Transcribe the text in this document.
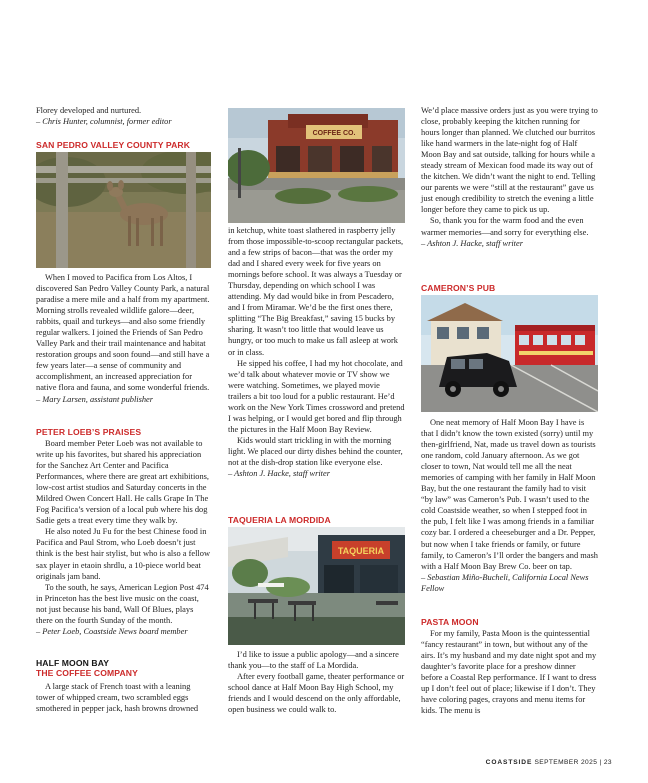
Florey developed and nurtured.

– Chris Hunter, columnist, former editor

SAN PEDRO VALLEY COUNTY PARK

When I moved to Pacifica from Los Altos, I discovered San Pedro Valley County Park, a natural paradise a mere mile and a half from my apartment. Morning strolls revealed wildlife galore—deer, rabbits, quail and turkeys—and also some friendly regular walkers. I joined the Friends of San Pedro Valley Park and their trail maintenance and habitat restoration groups and soon found—and still have a few years later—a sense of community and accomplishment, an increased appreciation for native flora and fauna, and some wonderful friends.

– Mary Larsen, assistant publisher

PETER LOEB’S PRAISES

Board member Peter Loeb was not available to write up his favorites, but shared his appreciation for the Sanchez Art Center and Pacifica Performances, where there are great art exhibitions, low-cost artist studios and Saturday concerts in the Mildred Owen Concert Hall. He calls Grape In The Fog Pacifica’s version of a local pub where his dog Sadie gets a treat every time they walk by.

He also noted Ju Fu for the best Chinese food in Pacifica and Paul Strom, who Loeb doesn’t just think is the best hair stylist, but who is also a fellow sax player in etaoin shrdlu, a 10-piece world beat originals jam band.

To the south, he says, American Legion Post 474 in Princeton has the best live music on the coast, not just because his band, Wall Of Blues, plays there on the fourth Sunday of the month.

– Peter Loeb, Coastside News board member

HALF MOON BAY
THE COFFEE COMPANY

A large stack of French toast with a leaning tower of whipped cream, two scrambled eggs smothered in pepper jack, hash browns drowned

COFFEE CO.

in ketchup, white toast slathered in raspberry jelly from those impossible-to-scoop rectangular packets, and a few strips of bacon—that was the order my dad and I shared every week for five years on mornings before school. It was always a Tuesday or Thursday, depending on which school I was attending. My dad would bike in from Pescadero, and I from Miramar. We’d be the first ones there, splitting “The Big Breakfast,” saving 15 bucks by sharing. It wasn’t too little that would leave us hungry, or too much to make us fall asleep at work or in class.

He sipped his coffee, I had my hot chocolate, and we’d talk about whatever movie or TV show we were watching. Sometimes, we played movie trailers a bit too loud for a public restaurant. He’d work on the New York Times crossword and pretend I was helping, or I would get bored and flip through the pictures in the Half Moon Bay Review.

Kids would start trickling in with the morning light. We placed our dirty dishes behind the counter, not at the dish-drop station like everyone else.

– Ashton J. Hacke, staff writer

TAQUERIA LA MORDIDA
TAQUERIA

I’d like to issue a public apology—and a sincere thank you—to the staff of La Mordida.

After every football game, theater performance or school dance at Half Moon Bay High School, my friends and I would descend on the only affordable, open business we could walk to.

We’d place massive orders just as you were trying to close, probably keeping the kitchen running for hours longer than planned. We clutched our burritos like hand warmers in the late-night fog of Half Moon Bay and sat outside, talking for hours while a steady stream of Mexican food made its way out of the kitchen. We didn’t want the night to end. Telling our parents we were “still at the restaurant” gave us just enough credibility to stretch the evening a little longer before they came to pick us up.

So, thank you for the warm food and the even warmer memories—and sorry for everything else.

– Ashton J. Hacke, staff writer

CAMERON’S PUB

One neat memory of Half Moon Bay I have is that I didn’t know the town existed (sorry) until my then-girlfriend, Nat, made us travel down as tourists one random, cold January afternoon. As we got closer to town, Nat would tell me all the neat memories of camping with her family in Half Moon Bay, but the one restaurant the family had to visit “by law” was Cameron’s Pub. I wasn’t used to the cold Coastside weather, so when I stepped foot in the pub, I felt like I was among friends in a familiar cozy bar. I ordered a cheeseburger and a Dr. Pepper, but now when I take friends or family, or future family, to Cameron’s I’ll order the bangers and mash with a Half Moon Bay Brew Co. beer on tap.

– Sebastian Miño-Bucheli, California Local News Fellow

PASTA MOON

For my family, Pasta Moon is the quintessential “fancy restaurant” in town, but without any of the airs. It’s my husband and my date night spot and my daughter’s favorite place for a preshow dinner before a Coastal Rep performance. If I want to dress up I don’t feel out of place; likewise if I don’t. They have coloring pages, crayons and menu items for kids. The menu is

COASTSIDE SEPTEMBER 2025 | 23
